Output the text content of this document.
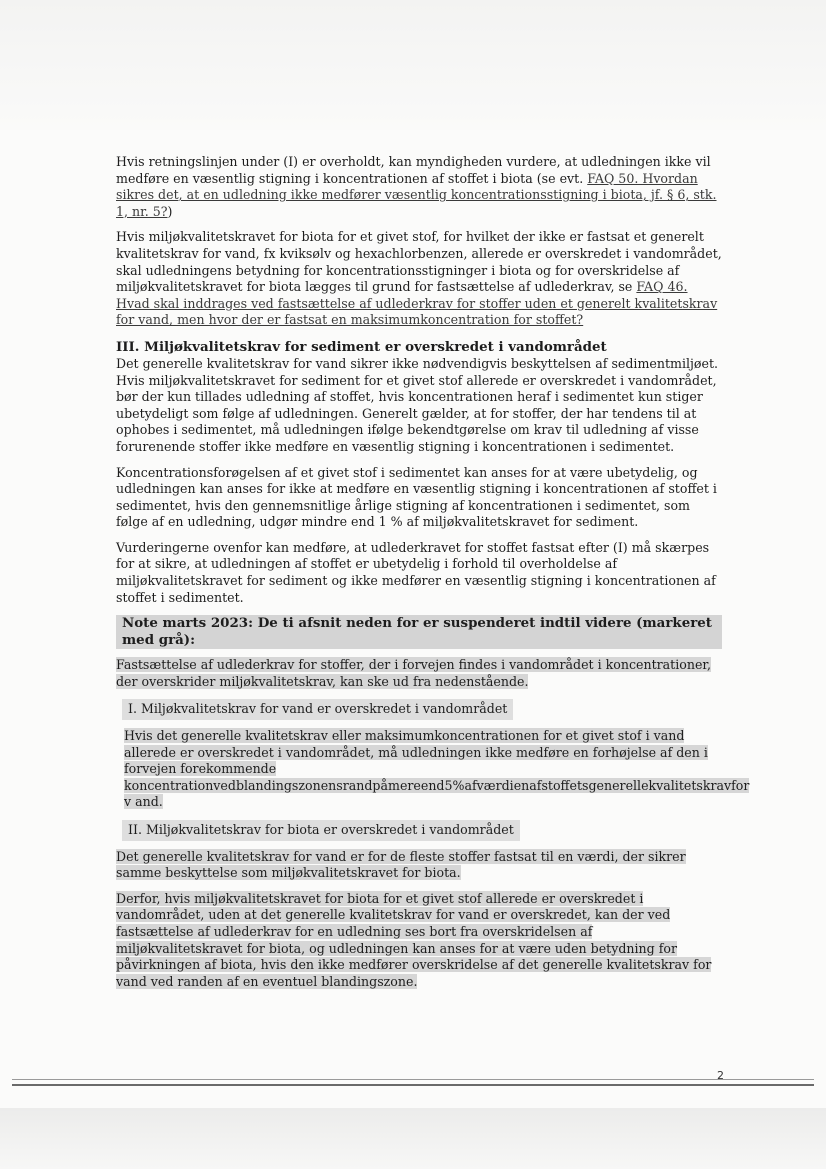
Hvis retningslinjen under (I) er overholdt, kan myndigheden vurdere, at udledningen ikke vil medføre en væsentlig stigning i koncentrationen af stoffet i biota (se evt. FAQ 50. Hvordan sikres det, at en udledning ikke medfører væsentlig koncentrationsstigning i biota, jf. § 6, stk. 1, nr. 5?)

Hvis miljøkvalitetskravet for biota for et givet stof, for hvilket der ikke er fastsat et generelt kvalitetskrav for vand, fx kviksølv og hexachlorbenzen, allerede er overskredet i vandområdet, skal udledningens betydning for koncentrationsstigninger i biota og for overskridelse af miljøkvalitetskravet for biota lægges til grund for fastsættelse af udlederkrav, se FAQ 46. Hvad skal inddrages ved fastsættelse af udlederkrav for stoffer uden et generelt kvalitetskrav for vand, men hvor der er fastsat en maksimumkoncentration for stoffet?

III. Miljøkvalitetskrav for sediment er overskredet i vandområdet

Det generelle kvalitetskrav for vand sikrer ikke nødvendigvis beskyttelsen af sedimentmiljøet. Hvis miljøkvalitetskravet for sediment for et givet stof allerede er overskredet i vandområdet, bør der kun tillades udledning af stoffet, hvis koncentrationen heraf i sedimentet kun stiger ubetydeligt som følge af udledningen. Generelt gælder, at for stoffer, der har tendens til at ophobes i sedimentet, må udledningen ifølge bekendtgørelse om krav til udledning af visse forurenende stoffer ikke medføre en væsentlig stigning i koncentrationen i sedimentet.

Koncentrationsforøgelsen af et givet stof i sedimentet kan anses for at være ubetydelig, og udledningen kan anses for ikke at medføre en væsentlig stigning i koncentrationen af stoffet i sedimentet, hvis den gennemsnitlige årlige stigning af koncentrationen i sedimentet, som følge af en udledning, udgør mindre end 1 % af miljøkvalitetskravet for sediment.

Vurderingerne ovenfor kan medføre, at udlederkravet for stoffet fastsat efter (I) må skærpes for at sikre, at udledningen af stoffet er ubetydelig i forhold til overholdelse af miljøkvalitetskravet for sediment og ikke medfører en væsentlig stigning i koncentrationen af stoffet i sedimentet.

Note marts 2023: De ti afsnit neden for er suspenderet indtil videre (markeret med grå):

Fastsættelse af udlederkrav for stoffer, der i forvejen findes i vandområdet i koncentrationer, der overskrider miljøkvalitetskrav, kan ske ud fra nedenstående.

I. Miljøkvalitetskrav for vand er overskredet i vandområdet

Hvis det generelle kvalitetskrav eller maksimumkoncentrationen for et givet stof i vand allerede er overskredet i vandområdet, må udledningen ikke medføre en forhøjelse af den i forvejen forekommende koncentrationvedblandingszonensrandpåmereend5%afværdienafstoffetsgenerellekvalitetskravfor v and.

II. Miljøkvalitetskrav for biota er overskredet i vandområdet

Det generelle kvalitetskrav for vand er for de fleste stoffer fastsat til en værdi, der sikrer samme beskyttelse som miljøkvalitetskravet for biota.

Derfor, hvis miljøkvalitetskravet for biota for et givet stof allerede er overskredet i vandområdet, uden at det generelle kvalitetskrav for vand er overskredet, kan der ved fastsættelse af udlederkrav for en udledning ses bort fra overskridelsen af miljøkvalitetskravet for biota, og udledningen kan anses for at være uden betydning for påvirkningen af biota, hvis den ikke medfører overskridelse af det generelle kvalitetskrav for vand ved randen af en eventuel blandingszone.

2
